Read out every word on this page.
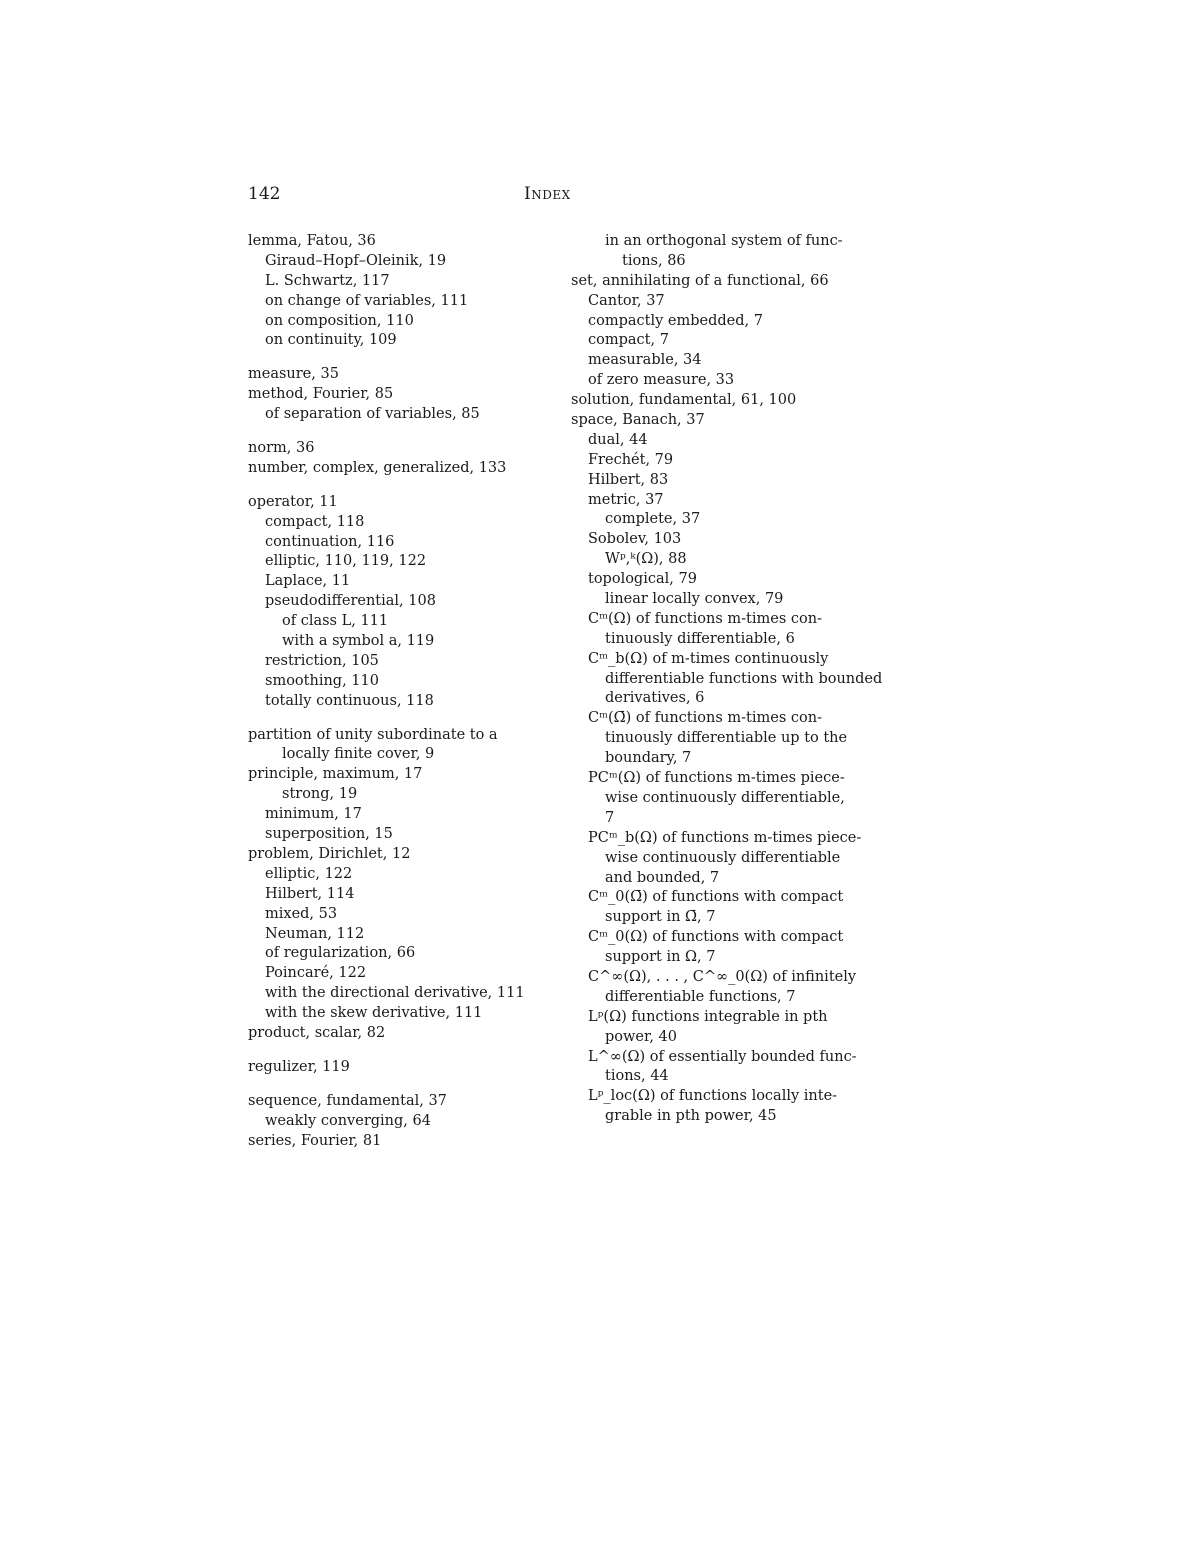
142	Index
lemma, Fatou, 36
Giraud–Hopf–Oleinik, 19
L. Schwartz, 117
on change of variables, 111
on composition, 110
on continuity, 109
measure, 35
method, Fourier, 85
of separation of variables, 85
norm, 36
number, complex, generalized, 133
operator, 11
compact, 118
continuation, 116
elliptic, 110, 119, 122
Laplace, 11
pseudodifferential, 108
of class L, 111
with a symbol a, 119
restriction, 105
smoothing, 110
totally continuous, 118
partition of unity subordinate to a
locally finite cover, 9
principle, maximum, 17
strong, 19
minimum, 17
superposition, 15
problem, Dirichlet, 12
elliptic, 122
Hilbert, 114
mixed, 53
Neuman, 112
of regularization, 66
Poincaré, 122
with the directional derivative, 111
with the skew derivative, 111
product, scalar, 82
regulizer, 119
sequence, fundamental, 37
weakly converging, 64
series, Fourier, 81
in an orthogonal system of func-
tions, 86
set, annihilating of a functional, 66
Cantor, 37
compactly embedded, 7
compact, 7
measurable, 34
of zero measure, 33
solution, fundamental, 61, 100
space, Banach, 37
dual, 44
Frechét, 79
Hilbert, 83
metric, 37
complete, 37
Sobolev, 103
Wᵖ,ᵏ(Ω), 88
topological, 79
linear locally convex, 79
Cᵐ(Ω) of functions m-times con-
tinuously differentiable, 6
Cᵐ_b(Ω) of m-times continuously
differentiable functions with bounded
derivatives, 6
Cᵐ(Ω̄) of functions m-times con-
tinuously differentiable up to the
boundary, 7
PCᵐ(Ω) of functions m-times piece-
wise continuously differentiable,
7
PCᵐ_b(Ω) of functions m-times piece-
wise continuously differentiable
and bounded, 7
Cᵐ_0(Ω̄) of functions with compact
support in Ω̄, 7
Cᵐ_0(Ω) of functions with compact
support in Ω, 7
C^∞(Ω), . . . , C^∞_0(Ω) of infinitely
differentiable functions, 7
Lᵖ(Ω) functions integrable in pth
power, 40
L^∞(Ω) of essentially bounded func-
tions, 44
Lᵖ_loc(Ω) of functions locally inte-
grable in pth power, 45
